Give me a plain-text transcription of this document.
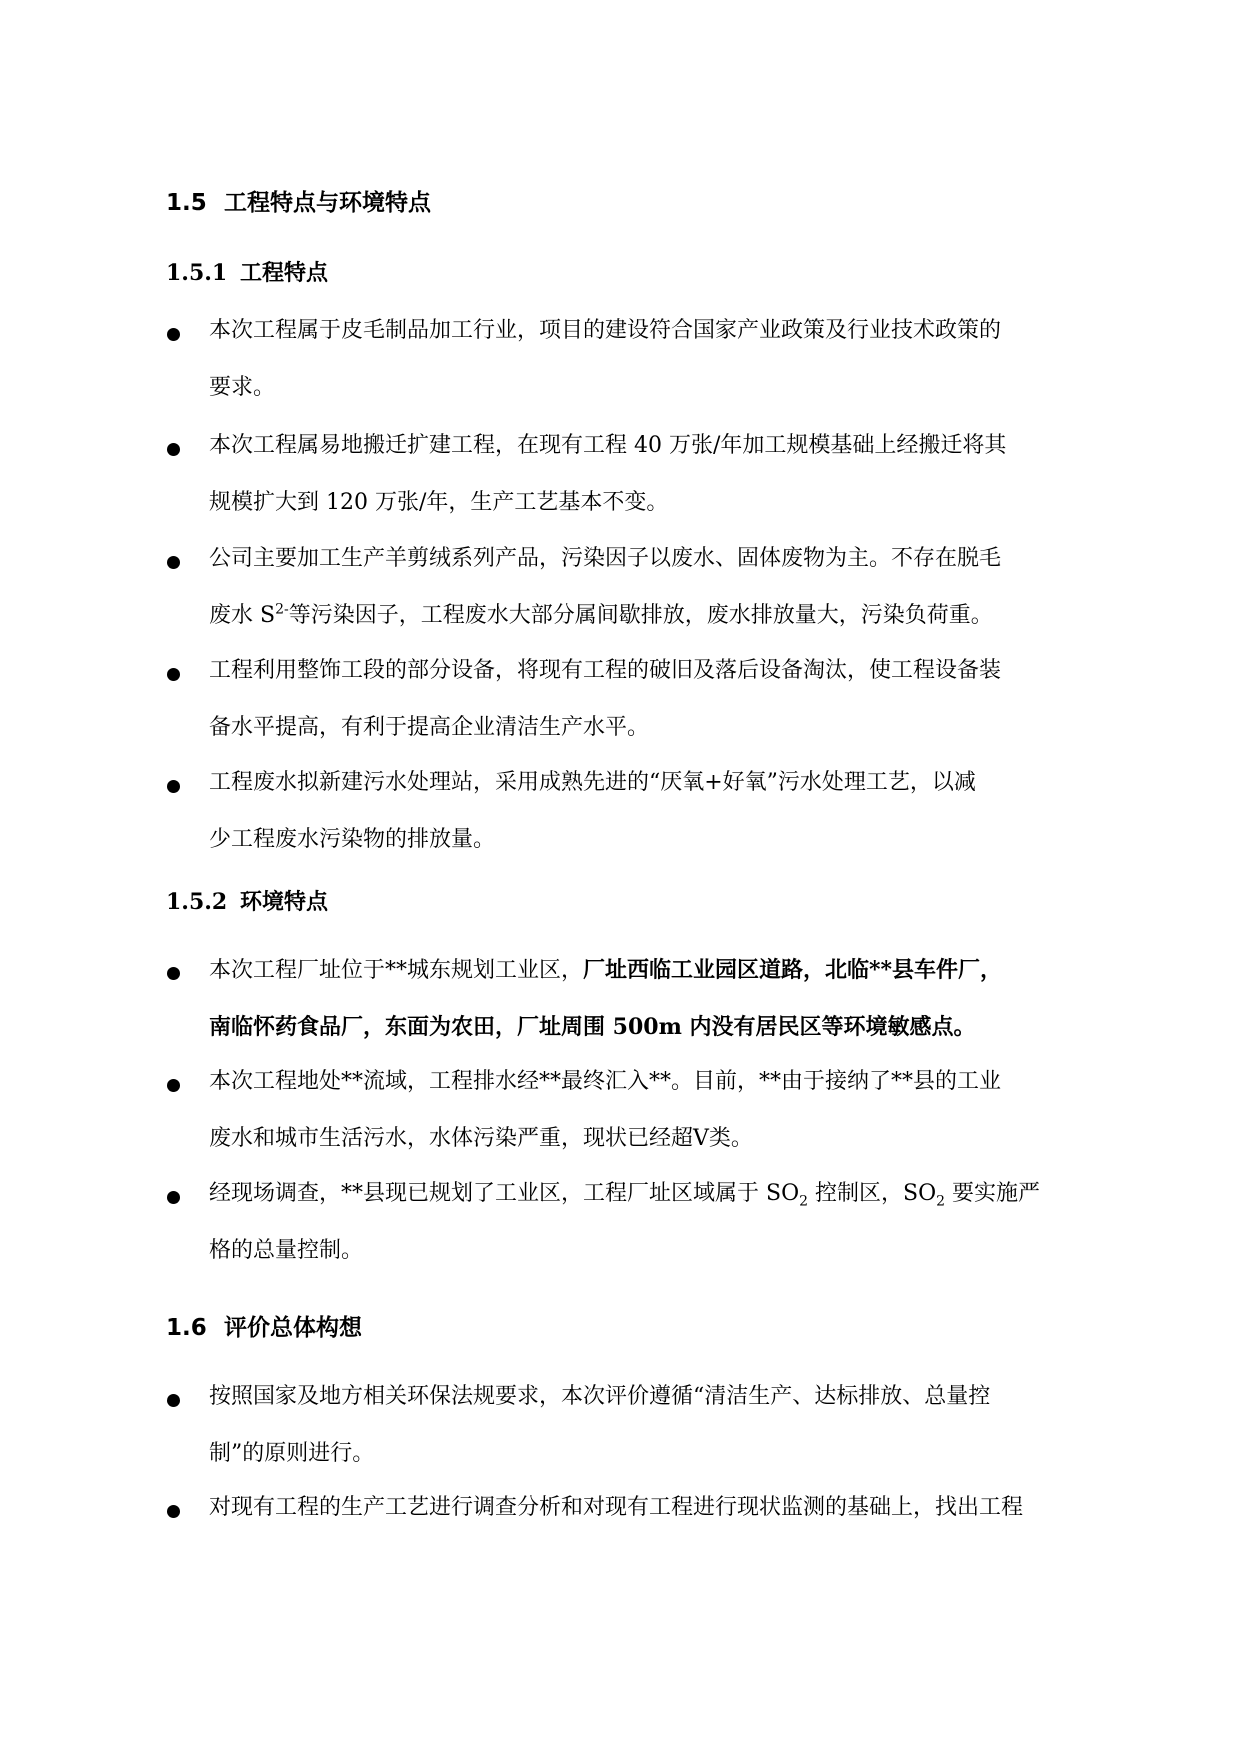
1.5 工程特点与环境特点
1.5.1 工程特点
本次工程属于皮毛制品加工行业，项目的建设符合国家产业政策及行业技术政策的
要求。
本次工程属易地搬迁扩建工程，在现有工程 40 万张/年加工规模基础上经搬迁将其
规模扩大到 120 万张/年，生产工艺基本不变。
公司主要加工生产羊剪绒系列产品，污染因子以废水、固体废物为主。不存在脱毛
废水 $S^{2-}$等污染因子，工程废水大部分属间歇排放，废水排放量大，污染负荷重。
工程利用整饰工段的部分设备，将现有工程的破旧及落后设备淘汰，使工程设备装
备水平提高，有利于提高企业清洁生产水平。
工程废水拟新建污水处理站，采用成熟先进的“厌氧+好氧”污水处理工艺，以减
少工程废水污染物的排放量。
1.5.2 环境特点
本次工程厂址位于**城东规划工业区，厂址西临工业园区道路，北临**县车件厂，
南临怀药食品厂，东面为农田，厂址周围 500m 内没有居民区等环境敏感点。
本次工程地处**流域，工程排水经**最终汇入**。目前，**由于接纳了**县的工业
废水和城市生活污水，水体污染严重，现状已经超Ⅴ类。
经现场调查，**县现已规划了工业区，工程厂址区域属于 $SO_2$ 控制区，$SO_2$ 要实施严
格的总量控制。
1.6 评价总体构想
按照国家及地方相关环保法规要求，本次评价遵循“清洁生产、达标排放、总量控
制”的原则进行。
对现有工程的生产工艺进行调查分析和对现有工程进行现状监测的基础上，找出工程
